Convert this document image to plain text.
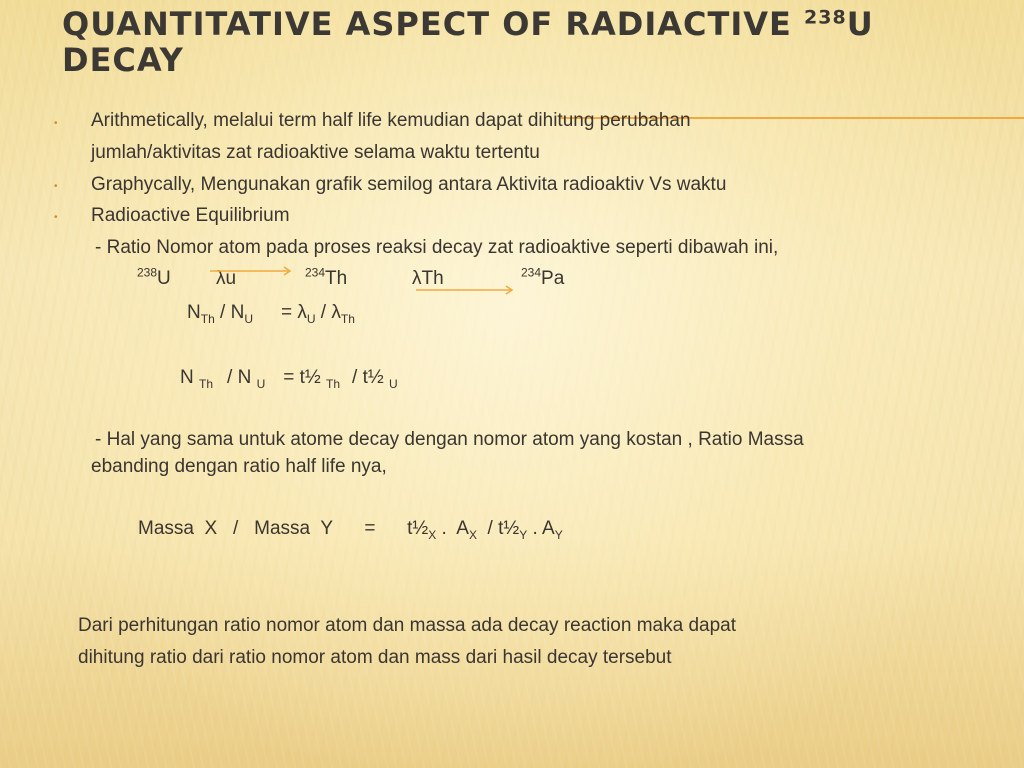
QUANTITATIVE ASPECT OF RADIACTIVE $^{238}$U DECAY
• Arithmetically, melalui term half life kemudian dapat dihitung perubahan
jumlah/aktivitas zat radioaktive selama waktu tertentu
• Graphycally, Mengunakan grafik semilog antara Aktivita radioaktiv Vs waktu
• Radioactive Equilibrium
- Ratio Nomor atom pada proses reaksi decay zat radioaktive seperti dibawah ini,
$^{238}$U λu	$^{234}$Th	λTh	$^{234}$Pa
$N_{Th} / N_U = \lambda_U / \lambda_{Th}$
N $_{Th}$ / N $_U$ = t½ $_{Th}$ / t½ $_U$
- Hal yang sama untuk atome decay dengan nomor atom yang kostan , Ratio Massa
ebanding dengan ratio half life nya,
Massa  X   /   Massa  Y      =      $t\frac{1}{2}_X$ .  $A_X$  / $t\frac{1}{2}_Y$ . $A_Y$
Dari perhitungan ratio nomor atom dan massa ada decay reaction maka dapat
dihitung ratio dari ratio nomor atom dan mass dari hasil decay tersebut
